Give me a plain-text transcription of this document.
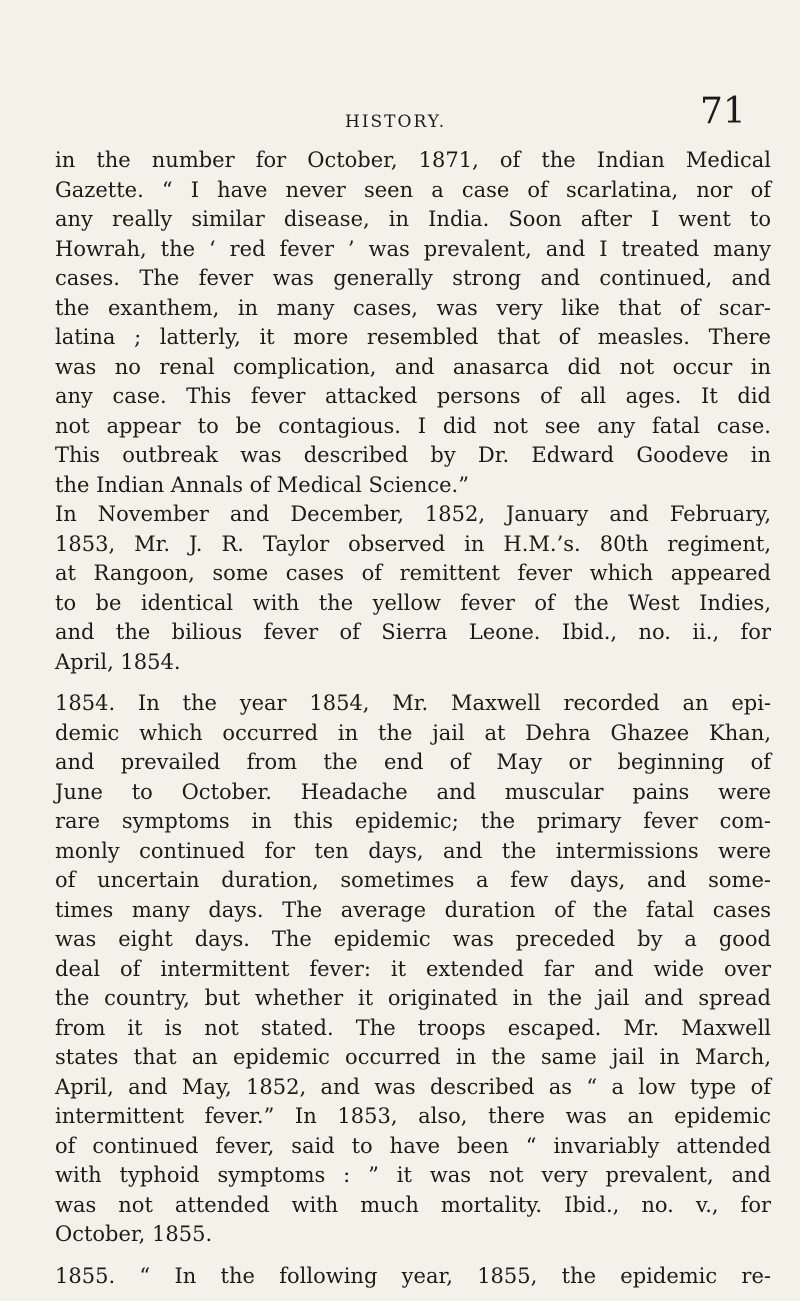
HISTORY.	71
in the number for October, 1871, of the Indian Medical
Gazette. “ I have never seen a case of scarlatina, nor of
any really similar disease, in India. Soon after I went to
Howrah, the ‘ red fever ’ was prevalent, and I treated many
cases. The fever was generally strong and continued, and
the exanthem, in many cases, was very like that of scar-
latina ; latterly, it more resembled that of measles. There
was no renal complication, and anasarca did not occur in
any case. This fever attacked persons of all ages. It did
not appear to be contagious. I did not see any fatal case.
This outbreak was described by Dr. Edward Goodeve in
the Indian Annals of Medical Science.”
In November and December, 1852, January and February,
1853, Mr. J. R. Taylor observed in H.M.’s. 80th regiment,
at Rangoon, some cases of remittent fever which appeared
to be identical with the yellow fever of the West Indies,
and the bilious fever of Sierra Leone. Ibid., no. ii., for
April, 1854.
1854. In the year 1854, Mr. Maxwell recorded an epi-
demic which occurred in the jail at Dehra Ghazee Khan,
and prevailed from the end of May or beginning of
June to October. Headache and muscular pains were
rare symptoms in this epidemic; the primary fever com-
monly continued for ten days, and the intermissions were
of uncertain duration, sometimes a few days, and some-
times many days. The average duration of the fatal cases
was eight days. The epidemic was preceded by a good
deal of intermittent fever: it extended far and wide over
the country, but whether it originated in the jail and spread
from it is not stated. The troops escaped. Mr. Maxwell
states that an epidemic occurred in the same jail in March,
April, and May, 1852, and was described as “ a low type of
intermittent fever.” In 1853, also, there was an epidemic
of continued fever, said to have been “ invariably attended
with typhoid symptoms : ” it was not very prevalent, and
was not attended with much mortality. Ibid., no. v., for
October, 1855.
1855. “ In the following year, 1855, the epidemic re-
